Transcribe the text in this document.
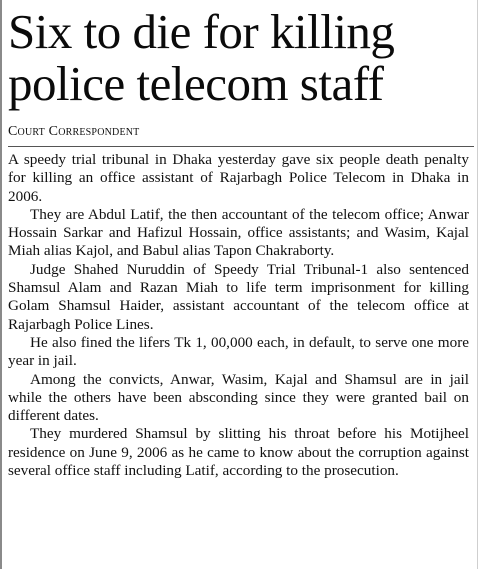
Six to die for killing
police telecom staff
Court Correspondent

A speedy trial tribunal in Dhaka yesterday gave six people death penalty for killing an office assistant of Rajarbagh Police Telecom in Dhaka in 2006.

They are Abdul Latif, the then accountant of the telecom office; Anwar Hossain Sarkar and Hafizul Hossain, office assistants; and Wasim, Kajal Miah alias Kajol, and Babul alias Tapon Chakraborty.

Judge Shahed Nuruddin of Speedy Trial Tribunal-1 also sentenced Shamsul Alam and Razan Miah to life term imprisonment for killing Golam Shamsul Haider, assistant accountant of the telecom office at Rajarbagh Police Lines.

He also fined the lifers Tk 1, 00,000 each, in default, to serve one more year in jail.

Among the convicts, Anwar, Wasim, Kajal and Shamsul are in jail while the others have been absconding since they were granted bail on different dates.

They murdered Shamsul by slitting his throat before his Motijheel residence on June 9, 2006 as he came to know about the corruption against several office staff including Latif, according to the prosecution.
